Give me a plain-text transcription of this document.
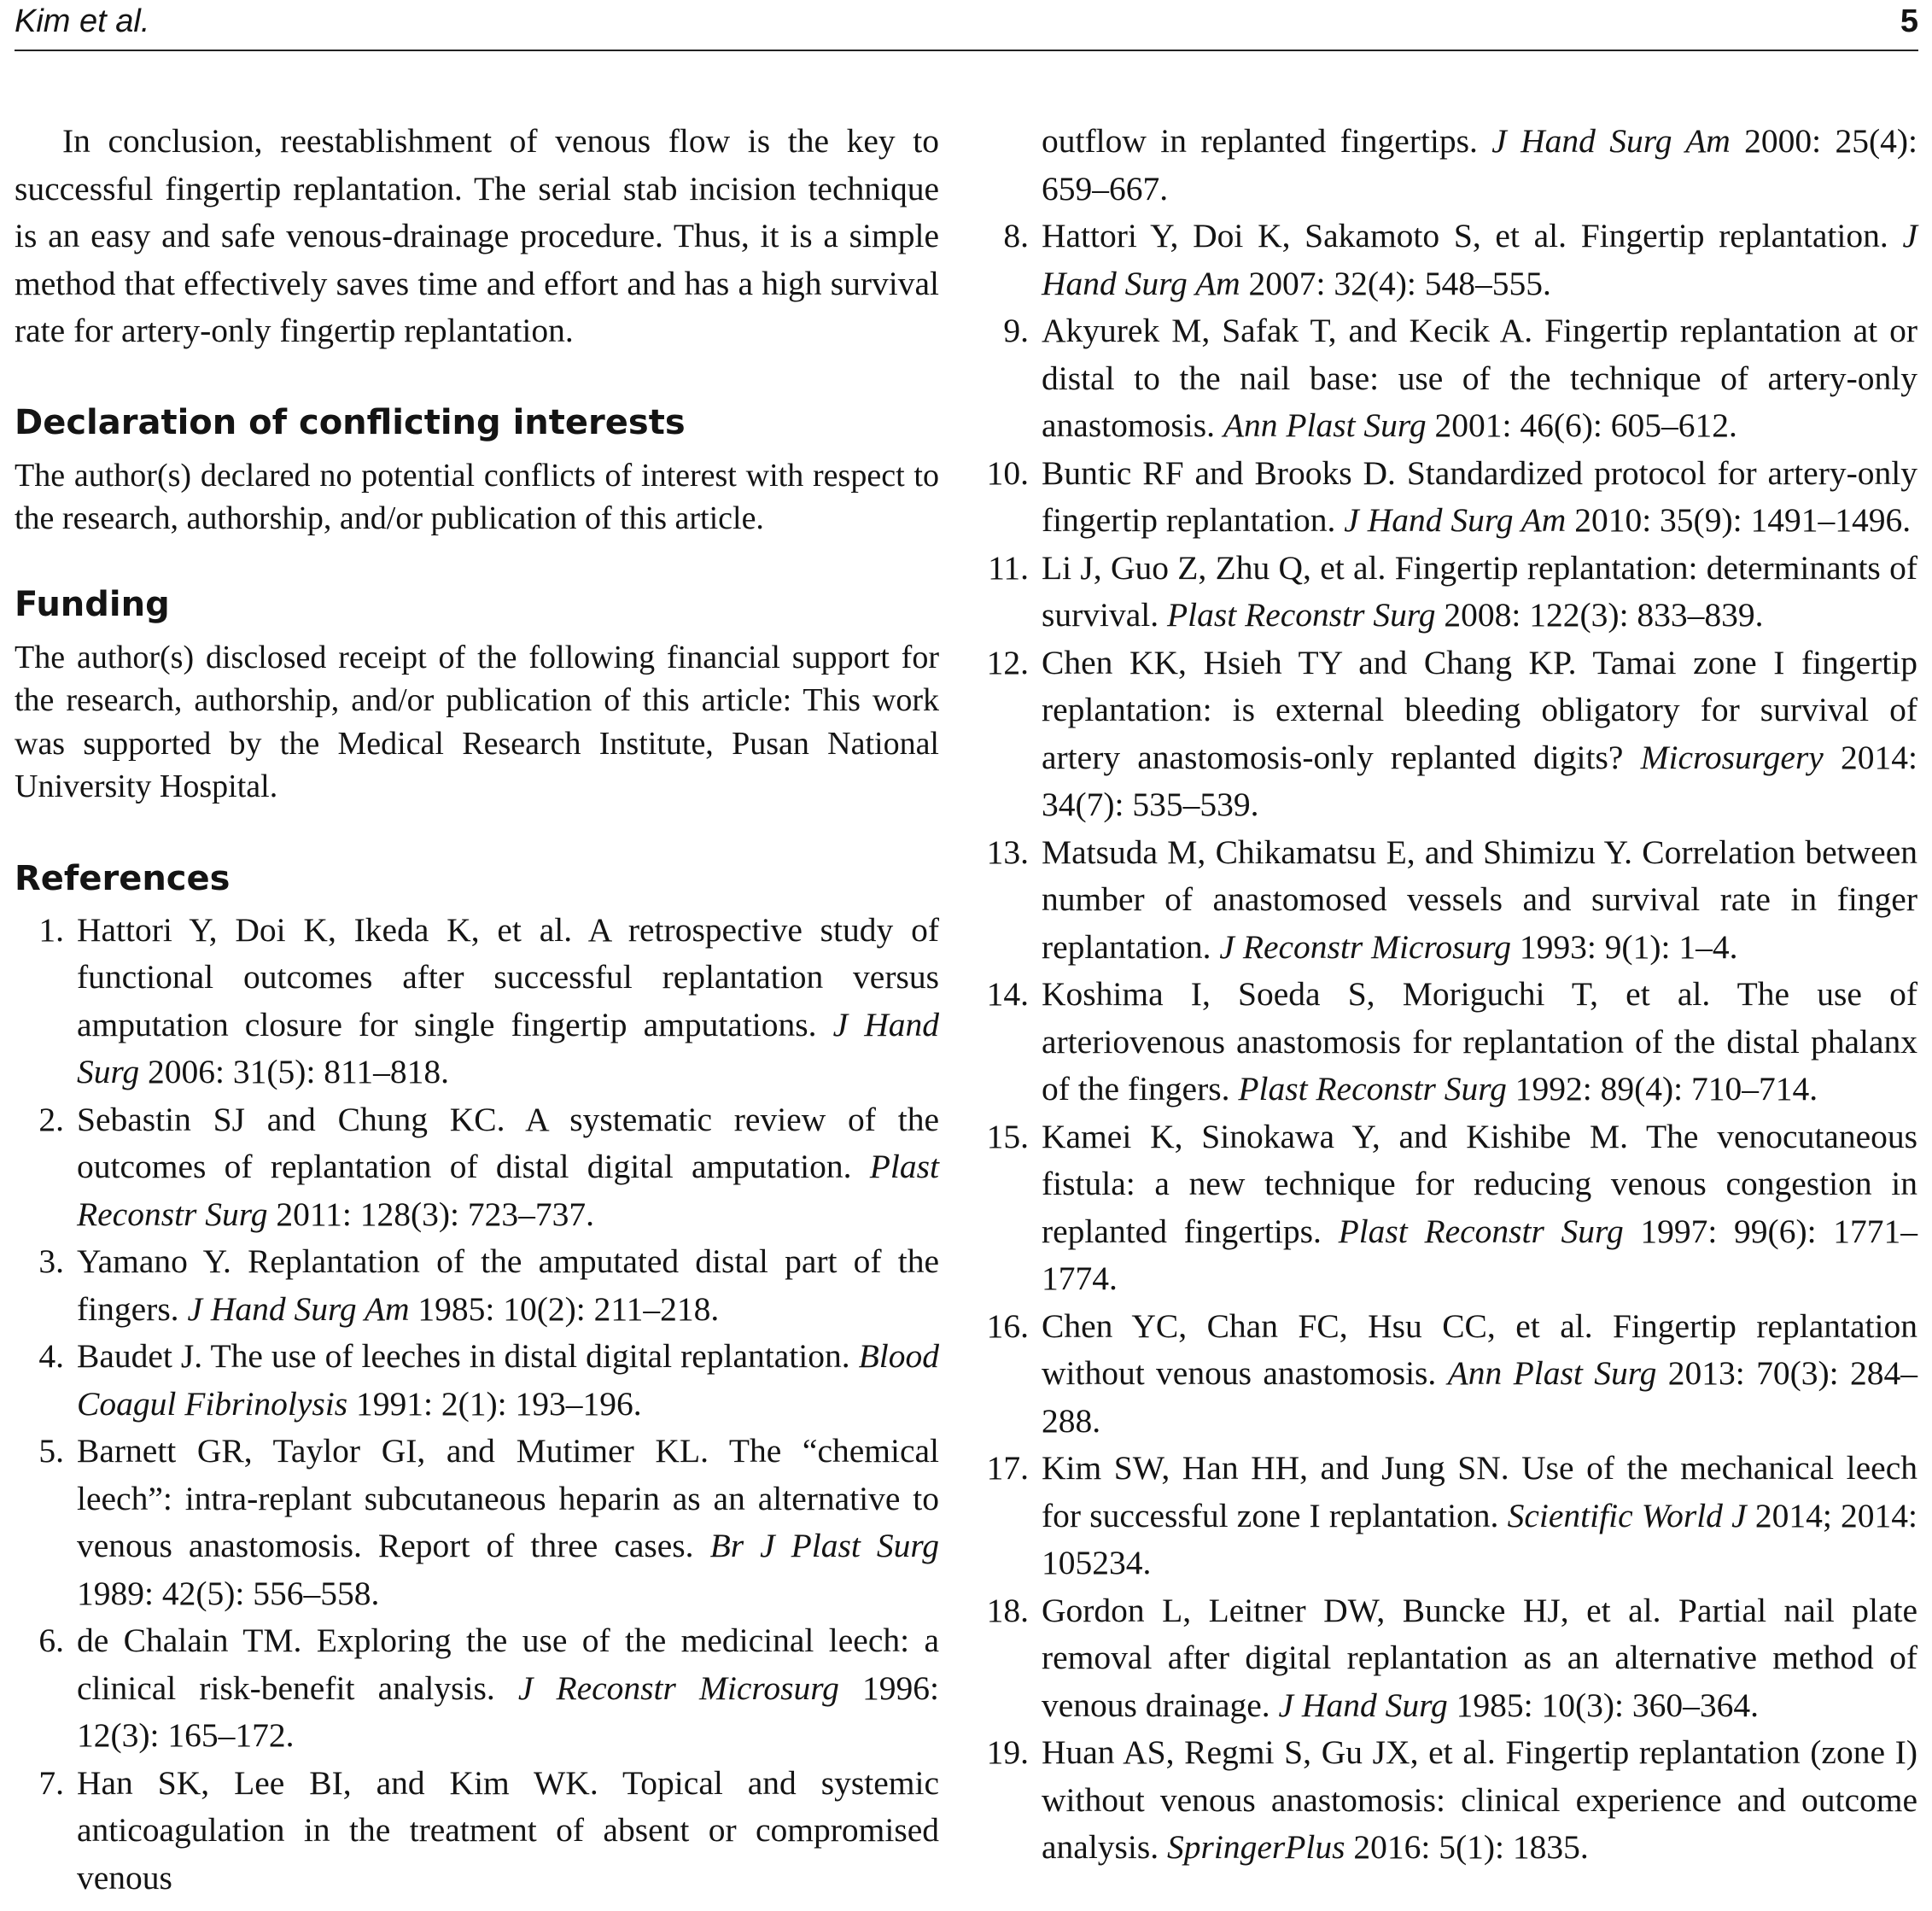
Kim et al.	5

In conclusion, reestablishment of venous flow is the key to successful fingertip replantation. The serial stab incision technique is an easy and safe venous-drainage procedure. Thus, it is a simple method that effectively saves time and effort and has a high survival rate for artery-only fingertip replantation.

Declaration of conflicting interests

The author(s) declared no potential conflicts of interest with respect to the research, authorship, and/or publication of this article.

Funding

The author(s) disclosed receipt of the following financial support for the research, authorship, and/or publication of this article: This work was supported by the Medical Research Institute, Pusan National University Hospital.

References
1. Hattori Y, Doi K, Ikeda K, et al. A retrospective study of functional outcomes after successful replantation versus amputation closure for single fingertip amputations. J Hand Surg 2006: 31(5): 811–818.
2. Sebastin SJ and Chung KC. A systematic review of the outcomes of replantation of distal digital amputation. Plast Reconstr Surg 2011: 128(3): 723–737.
3. Yamano Y. Replantation of the amputated distal part of the fingers. J Hand Surg Am 1985: 10(2): 211–218.
4. Baudet J. The use of leeches in distal digital replantation. Blood Coagul Fibrinolysis 1991: 2(1): 193–196.
5. Barnett GR, Taylor GI, and Mutimer KL. The “chemical leech”: intra-replant subcutaneous heparin as an alternative to venous anastomosis. Report of three cases. Br J Plast Surg 1989: 42(5): 556–558.
6. de Chalain TM. Exploring the use of the medicinal leech: a clinical risk-benefit analysis. J Reconstr Microsurg 1996: 12(3): 165–172.
7. Han SK, Lee BI, and Kim WK. Topical and systemic anticoagulation in the treatment of absent or compromised venous
outflow in replanted fingertips. J Hand Surg Am 2000: 25(4): 659–667.
8. Hattori Y, Doi K, Sakamoto S, et al. Fingertip replantation. J Hand Surg Am 2007: 32(4): 548–555.
9. Akyurek M, Safak T, and Kecik A. Fingertip replantation at or distal to the nail base: use of the technique of artery-only anastomosis. Ann Plast Surg 2001: 46(6): 605–612.
10. Buntic RF and Brooks D. Standardized protocol for artery-only fingertip replantation. J Hand Surg Am 2010: 35(9): 1491–1496.
11. Li J, Guo Z, Zhu Q, et al. Fingertip replantation: determinants of survival. Plast Reconstr Surg 2008: 122(3): 833–839.
12. Chen KK, Hsieh TY and Chang KP. Tamai zone I fingertip replantation: is external bleeding obligatory for survival of artery anastomosis-only replanted digits? Microsurgery 2014: 34(7): 535–539.
13. Matsuda M, Chikamatsu E, and Shimizu Y. Correlation between number of anastomosed vessels and survival rate in finger replantation. J Reconstr Microsurg 1993: 9(1): 1–4.
14. Koshima I, Soeda S, Moriguchi T, et al. The use of arteriovenous anastomosis for replantation of the distal phalanx of the fingers. Plast Reconstr Surg 1992: 89(4): 710–714.
15. Kamei K, Sinokawa Y, and Kishibe M. The venocutaneous fistula: a new technique for reducing venous congestion in replanted fingertips. Plast Reconstr Surg 1997: 99(6): 1771–1774.
16. Chen YC, Chan FC, Hsu CC, et al. Fingertip replantation without venous anastomosis. Ann Plast Surg 2013: 70(3): 284–288.
17. Kim SW, Han HH, and Jung SN. Use of the mechanical leech for successful zone I replantation. Scientific World J 2014; 2014: 105234.
18. Gordon L, Leitner DW, Buncke HJ, et al. Partial nail plate removal after digital replantation as an alternative method of venous drainage. J Hand Surg 1985: 10(3): 360–364.
19. Huan AS, Regmi S, Gu JX, et al. Fingertip replantation (zone I) without venous anastomosis: clinical experience and outcome analysis. SpringerPlus 2016: 5(1): 1835.
